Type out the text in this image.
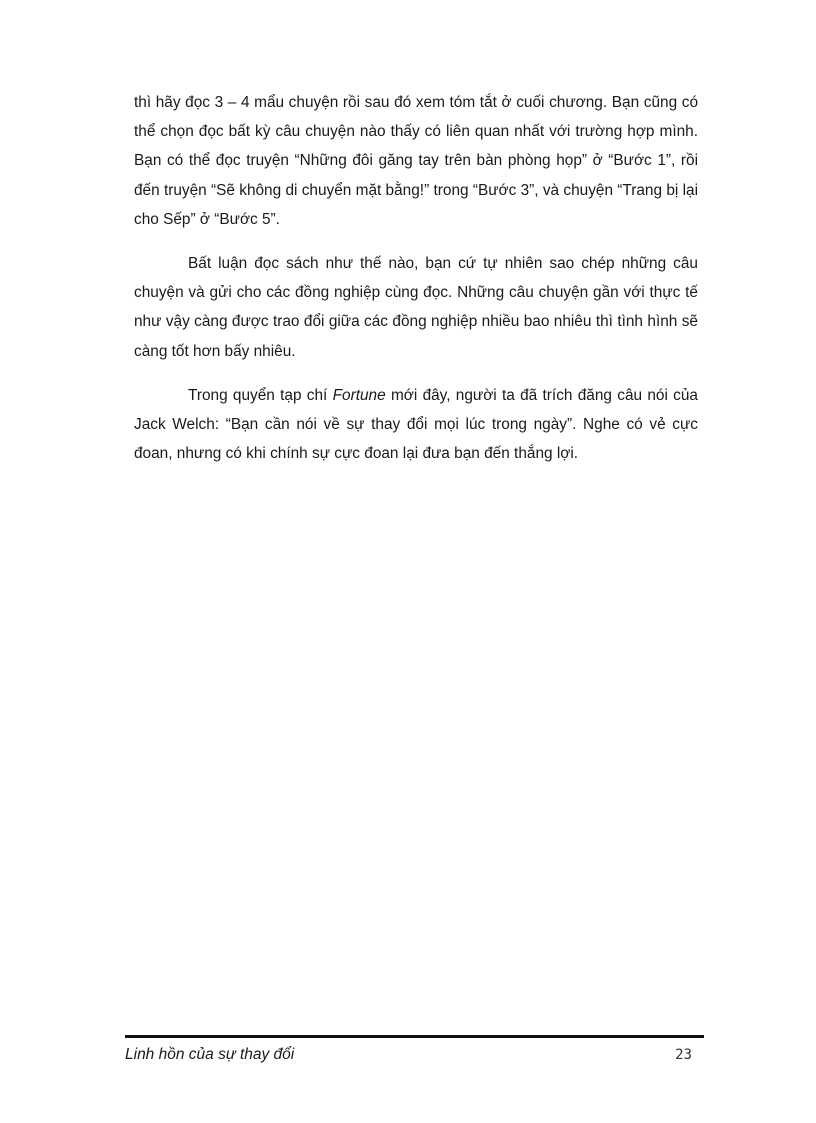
thì hãy đọc 3 – 4 mẩu chuyện rồi sau đó xem tóm tắt ở cuối chương. Bạn cũng có thể chọn đọc bất kỳ câu chuyện nào thấy có liên quan nhất với trường hợp mình. Bạn có thể đọc truyện “Những đôi găng tay trên bàn phòng họp” ở “Bước 1”, rồi đến truyện “Sẽ không di chuyển mặt bằng!” trong “Bước 3”, và chuyện “Trang bị lại cho Sếp” ở “Bước 5”.

Bất luận đọc sách như thế nào, bạn cứ tự nhiên sao chép những câu chuyện và gửi cho các đồng nghiệp cùng đọc. Những câu chuyện gần với thực tế như vậy càng được trao đổi giữa các đồng nghiệp nhiều bao nhiêu thì tình hình sẽ càng tốt hơn bấy nhiêu.

Trong quyển tạp chí Fortune mới đây, người ta đã trích đăng câu nói của Jack Welch: “Bạn cần nói về sự thay đổi mọi lúc trong ngày”. Nghe có vẻ cực đoan, nhưng có khi chính sự cực đoan lại đưa bạn đến thắng lợi.

Linh hồn của sự thay đổi	23
